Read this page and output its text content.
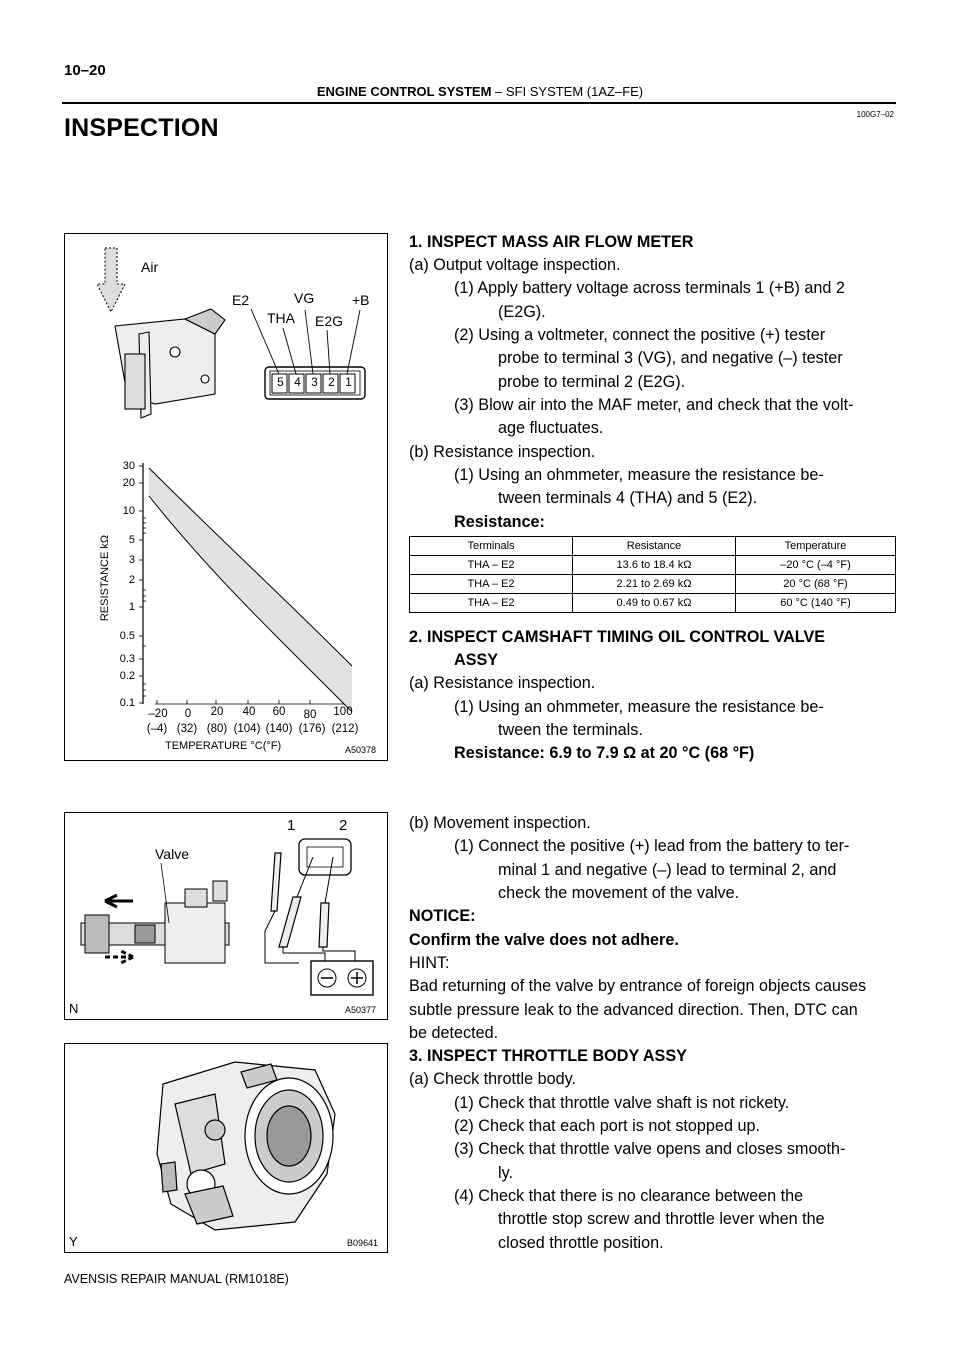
10–20
ENGINE CONTROL SYSTEM – SFI SYSTEM (1AZ–FE)
100G7–02
INSPECTION
Air
E2
THA
VG	+B
E2G
5 4 3 2 1
30
20
10
5
3
2
1
0.5
0.3
0.2
0.1
RESISTANCE kΩ
–20	0	20	40	60	80	100
(–4) (32) (80) (104) (140) (176) (212)
TEMPERATURE °C(°F)	A50378
Valve
1	2
N	A50377
Y	B09641
1. INSPECT MASS AIR FLOW METER
(a) Output voltage inspection.
(1) Apply battery voltage across terminals 1 (+B) and 2
(E2G).
(2) Using a voltmeter, connect the positive (+) tester
probe to terminal 3 (VG), and negative (–) tester
probe to terminal 2 (E2G).
(3) Blow air into the MAF meter, and check that the volt-
age fluctuates.
(b) Resistance inspection.
(1) Using an ohmmeter, measure the resistance be-
tween terminals 4 (THA) and 5 (E2).
Resistance:
Terminals	Resistance	Temperature
THA – E2	13.6 to 18.4 kΩ	–20 °C (–4 °F)
THA – E2	2.21 to 2.69 kΩ	20 °C (68 °F)
THA – E2	0.49 to 0.67 kΩ	60 °C (140 °F)
2. INSPECT CAMSHAFT TIMING OIL CONTROL VALVE
ASSY
(a) Resistance inspection.
(1) Using an ohmmeter, measure the resistance be-
tween the terminals.
Resistance: 6.9 to 7.9 Ω at 20 °C (68 °F)
(b) Movement inspection.
(1) Connect the positive (+) lead from the battery to ter-
minal 1 and negative (–) lead to terminal 2, and
check the movement of the valve.
NOTICE:
Confirm the valve does not adhere.
HINT:
Bad returning of the valve by entrance of foreign objects causes
subtle pressure leak to the advanced direction. Then, DTC can
be detected.
3. INSPECT THROTTLE BODY ASSY
(a) Check throttle body.
(1) Check that throttle valve shaft is not rickety.
(2) Check that each port is not stopped up.
(3) Check that throttle valve opens and closes smooth-
ly.
(4) Check that there is no clearance between the
throttle stop screw and throttle lever when the
closed throttle position.
AVENSIS REPAIR MANUAL (RM1018E)
